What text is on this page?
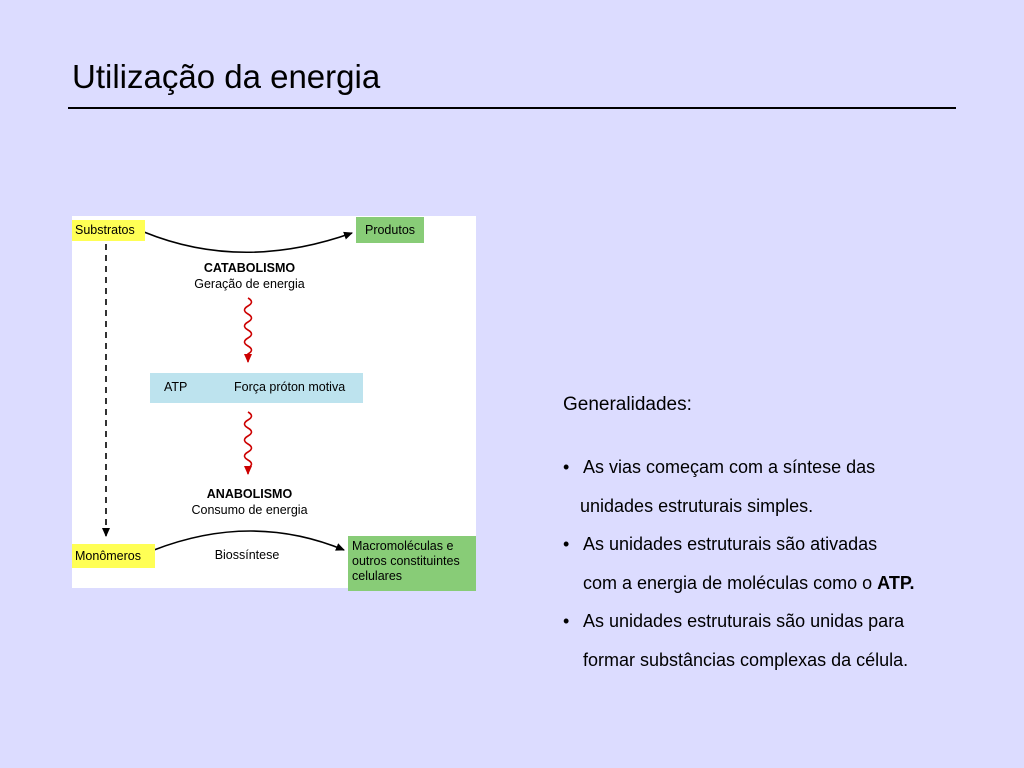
Utilização da energia
Substratos	Produtos
CATABOLISMO
Geração de energia
ATP	Força próton motiva
ANABOLISMO
Consumo de energia
Monômeros	Biossíntese
Macromoléculas e
outros constituintes
celulares
Generalidades:
• As vias começam com a síntese das
unidades estruturais simples.
• As unidades estruturais são ativadas
com a energia de moléculas como o ATP.
• As unidades estruturais são unidas para
formar substâncias complexas da célula.
